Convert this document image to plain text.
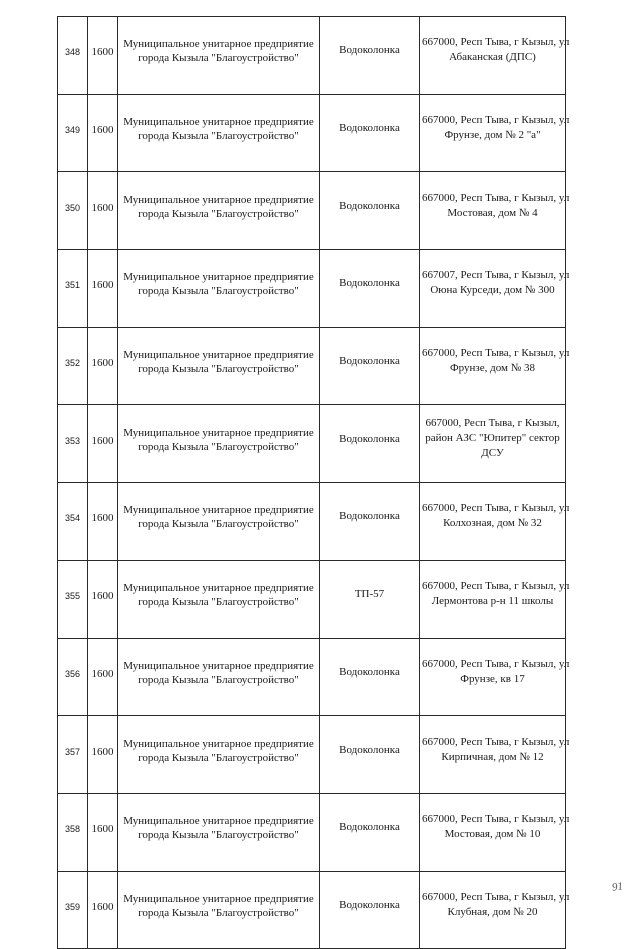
348	1600	Муниципальное унитарное предприятие
города Кызыла "Благоустройство"	Водоколонка	667000, Респ Тыва, г Кызыл, ул
Абаканская (ДПС)

349	1600	Муниципальное унитарное предприятие
города Кызыла "Благоустройство"	Водоколонка	667000, Респ Тыва, г Кызыл, ул
Фрунзе, дом № 2 "а"

350	1600	Муниципальное унитарное предприятие
города Кызыла "Благоустройство"	Водоколонка	667000, Респ Тыва, г Кызыл, ул
Мостовая, дом № 4

351	1600	Муниципальное унитарное предприятие
города Кызыла "Благоустройство"	Водоколонка	667007, Респ Тыва, г Кызыл, ул
Оюна Курседи, дом № 300

352	1600	Муниципальное унитарное предприятие
города Кызыла "Благоустройство"	Водоколонка	667000, Респ Тыва, г Кызыл, ул
Фрунзе, дом № 38

353	1600	Муниципальное унитарное предприятие
города Кызыла "Благоустройство"	Водоколонка	667000, Респ Тыва, г Кызыл,
район АЗС "Юпитер" сектор
ДСУ

354	1600	Муниципальное унитарное предприятие
города Кызыла "Благоустройство"	Водоколонка	667000, Респ Тыва, г Кызыл, ул
Колхозная, дом № 32

355	1600	Муниципальное унитарное предприятие
города Кызыла "Благоустройство"	ТП-57	667000, Респ Тыва, г Кызыл, ул
Лермонтова р-н 11 школы

356	1600	Муниципальное унитарное предприятие
города Кызыла "Благоустройство"	Водоколонка	667000, Респ Тыва, г Кызыл, ул
Фрунзе, кв 17

357	1600	Муниципальное унитарное предприятие
города Кызыла "Благоустройство"	Водоколонка	667000, Респ Тыва, г Кызыл, ул
Кирпичная, дом № 12

358	1600	Муниципальное унитарное предприятие
города Кызыла "Благоустройство"	Водоколонка	667000, Респ Тыва, г Кызыл, ул
Мостовая, дом № 10

359	1600	Муниципальное унитарное предприятие
города Кызыла "Благоустройство"	Водоколонка	667000, Респ Тыва, г Кызыл, ул
Клубная, дом № 20
91
